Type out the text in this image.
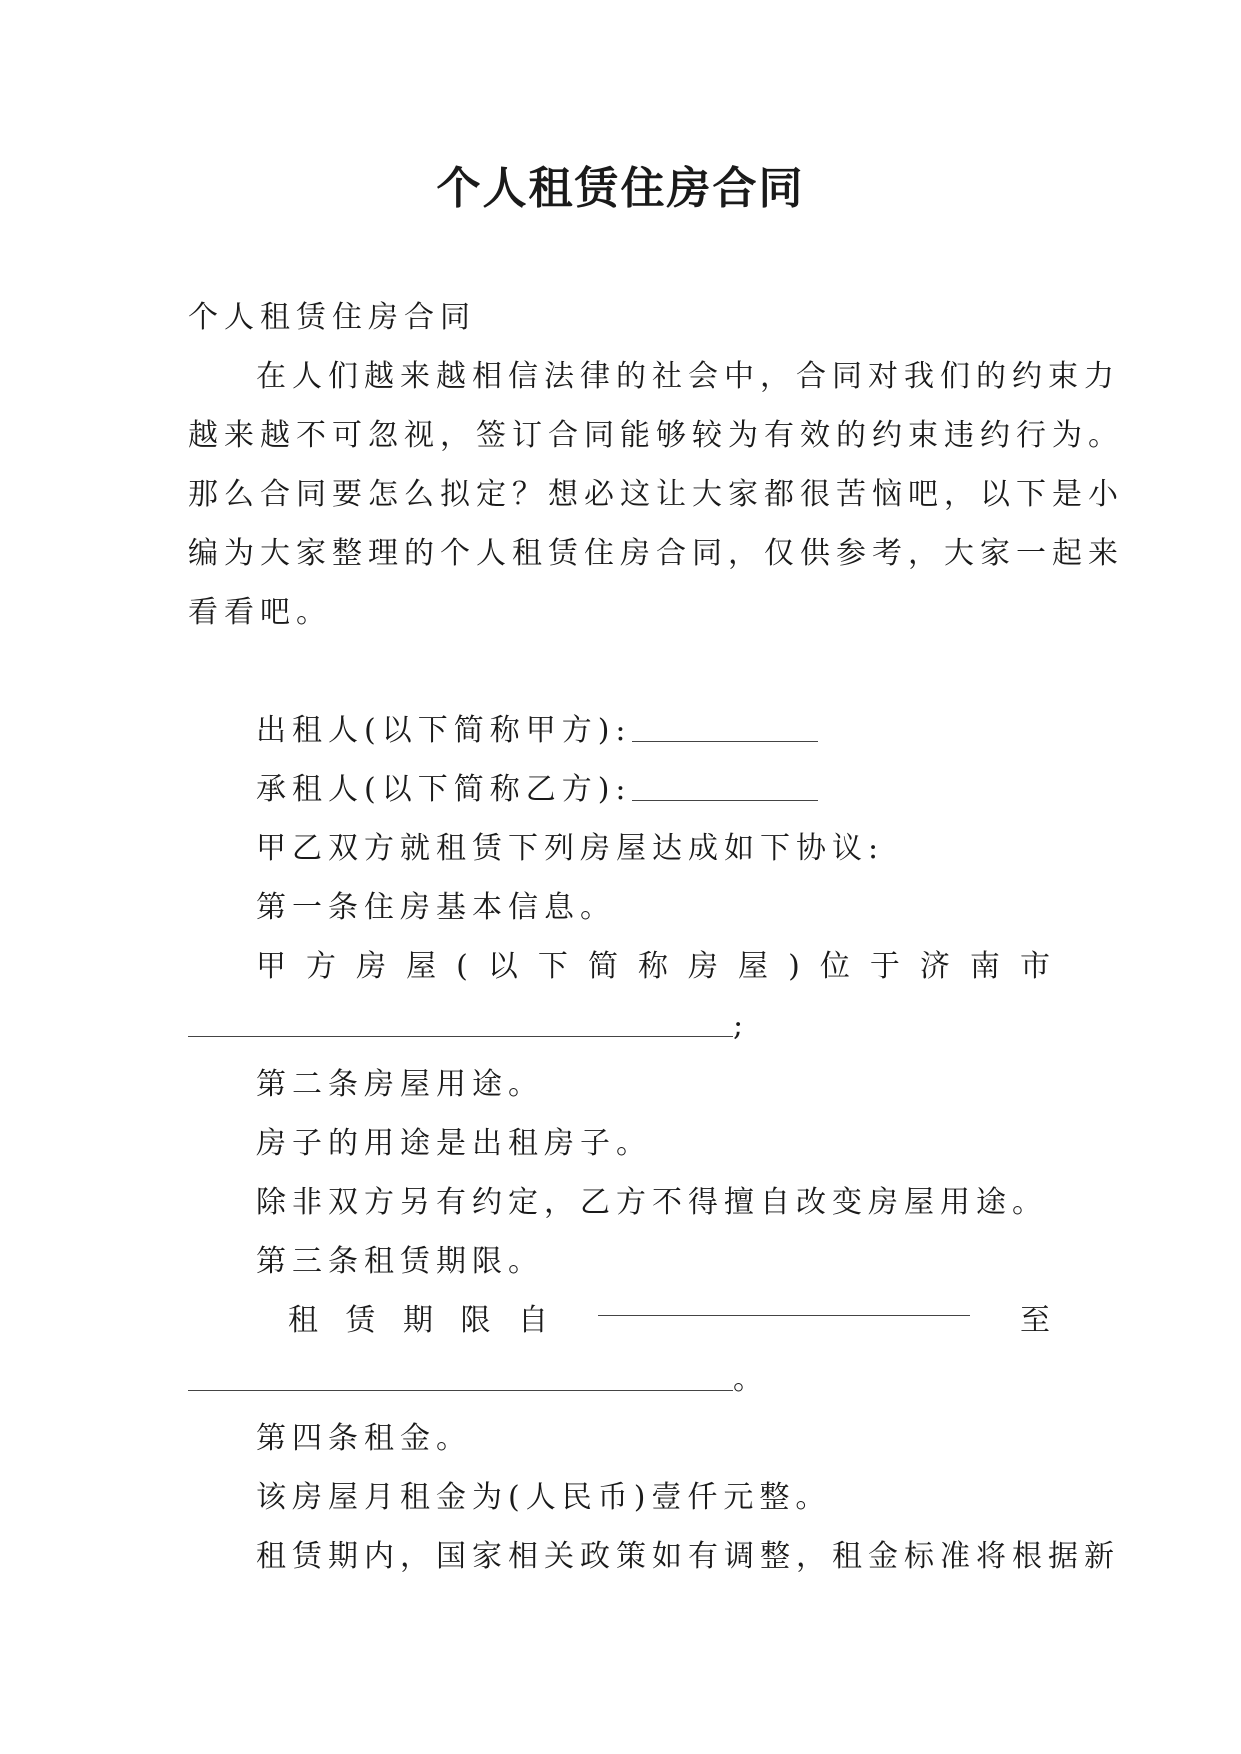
个人租赁住房合同
个人租赁住房合同
在人们越来越相信法律的社会中，合同对我们的约束力
越来越不可忽视，签订合同能够较为有效的约束违约行为。
那么合同要怎么拟定？想必这让大家都很苦恼吧，以下是小
编为大家整理的个人租赁住房合同，仅供参考，大家一起来
看看吧。
出租人(以下简称甲方):
承租人(以下简称乙方):
甲乙双方就租赁下列房屋达成如下协议:
第一条住房基本信息。
甲 方 房 屋 ( 以 下 简 称 房 屋 ) 位 于 济 南 市
;
第二条房屋用途。
房子的用途是出租房子。
除非双方另有约定，乙方不得擅自改变房屋用途。
第三条租赁期限。
租 赁 期 限 自	至
。
第四条租金。
该房屋月租金为(人民币)壹仟元整。
租赁期内，国家相关政策如有调整，租金标准将根据新
